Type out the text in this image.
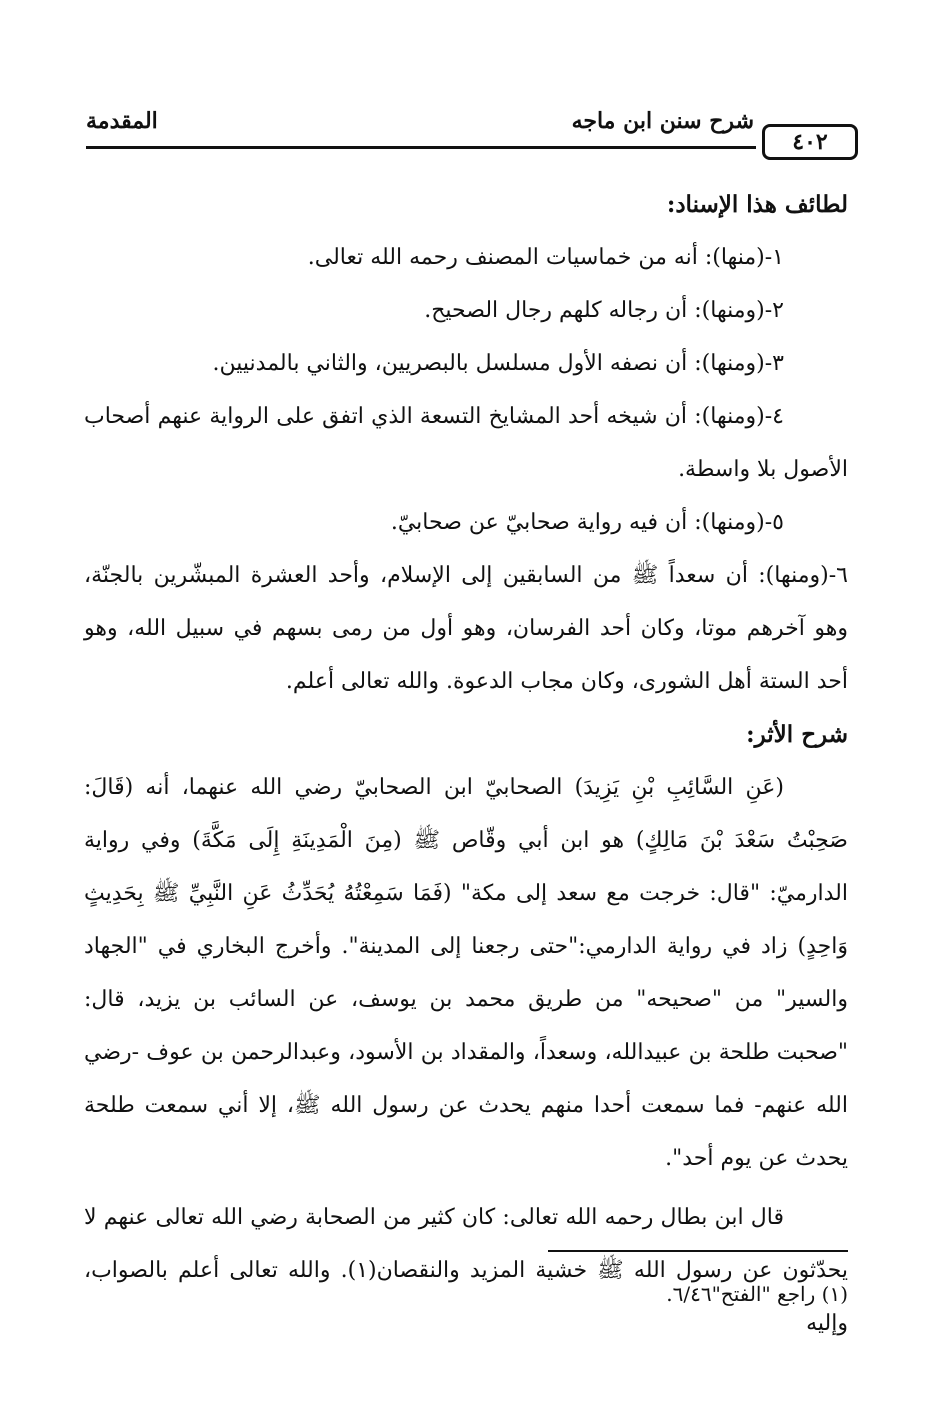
المقدمة	شرح سنن ابن ماجه
٤٠٢

لطائف هذا الإسناد:

١-(منها): أنه من خماسيات المصنف رحمه الله تعالى.

٢-(ومنها): أن رجاله كلهم رجال الصحيح.

٣-(ومنها): أن نصفه الأول مسلسل بالبصريين، والثاني بالمدنيين.

٤-(ومنها): أن شيخه أحد المشايخ التسعة الذي اتفق على الرواية عنهم أصحاب الأصول بلا واسطة.

٥-(ومنها): أن فيه رواية صحابيّ عن صحابيّ.

٦-(ومنها): أن سعداً ﷺ من السابقين إلى الإسلام، وأحد العشرة المبشّرين بالجنّة، وهو آخرهم موتا، وكان أحد الفرسان، وهو أول من رمى بسهم في سبيل الله، وهو أحد الستة أهل الشورى، وكان مجاب الدعوة. والله تعالى أعلم.

شرح الأثر:

(عَنِ السَّائِبِ بْنِ يَزِيدَ) الصحابيّ ابن الصحابيّ رضي الله عنهما، أنه (قَالَ: صَحِبْتُ سَعْدَ بْنَ مَالِكٍ) هو ابن أبي وقّاص ﷺ (مِنَ الْمَدِينَةِ إِلَى مَكَّةَ) وفي رواية الدارميّ: "قال: خرجت مع سعد إلى مكة" (فَمَا سَمِعْتُهُ يُحَدِّثُ عَنِ النَّبِيِّ ﷺ بِحَدِيثٍ وَاحِدٍ) زاد في رواية الدارمي:"حتى رجعنا إلى المدينة". وأخرج البخاري في "الجهاد والسير" من "صحيحه" من طريق محمد بن يوسف، عن السائب بن يزيد، قال: "صحبت طلحة بن عبيدالله، وسعداً، والمقداد بن الأسود، وعبدالرحمن بن عوف -رضي الله عنهم- فما سمعت أحدا منهم يحدث عن رسول الله ﷺ، إلا أني سمعت طلحة يحدث عن يوم أحد".

قال ابن بطال رحمه الله تعالى: كان كثير من الصحابة رضي الله تعالى عنهم لا يحدّثون عن رسول الله ﷺ خشية المزيد والنقصان(١). والله تعالى أعلم بالصواب، وإليه

(١) راجع "الفتح"٦/٤٦.
